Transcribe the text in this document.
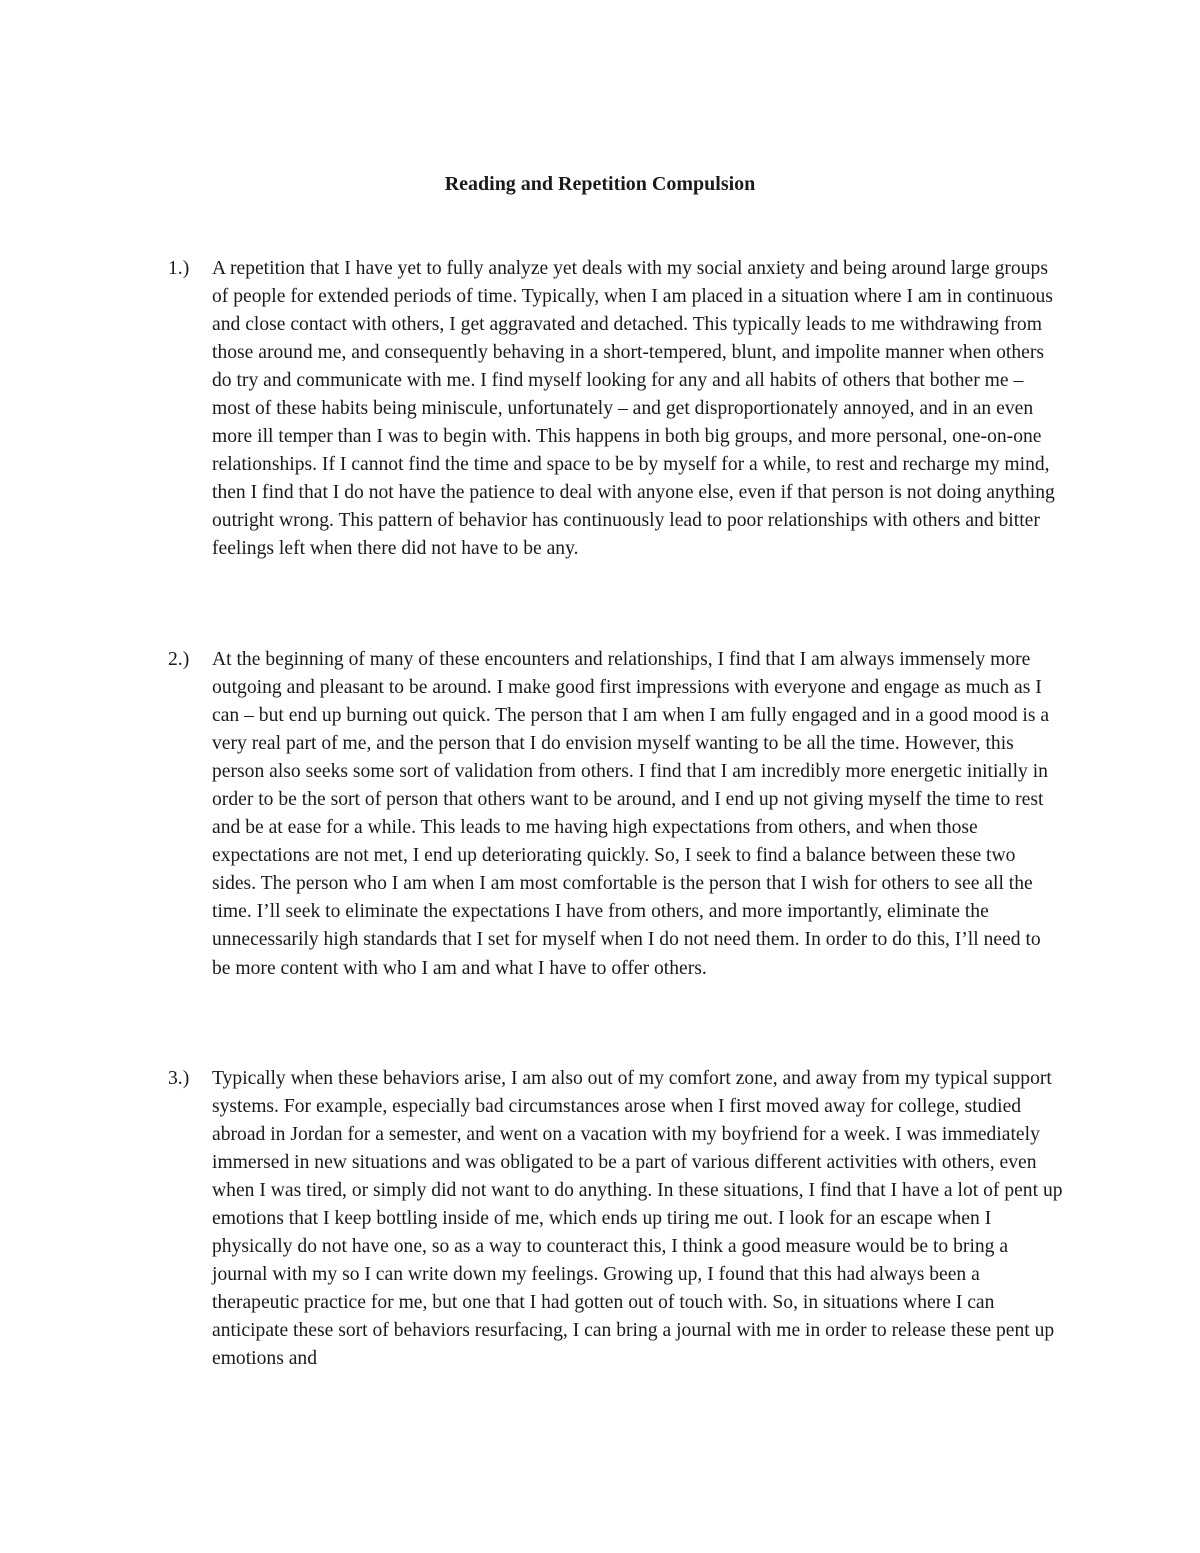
Reading and Repetition Compulsion
1.)	A repetition that I have yet to fully analyze yet deals with my social anxiety and being around large groups of people for extended periods of time. Typically, when I am placed in a situation where I am in continuous and close contact with others, I get aggravated and detached. This typically leads to me withdrawing from those around me, and consequently behaving in a short-tempered, blunt, and impolite manner when others do try and communicate with me. I find myself looking for any and all habits of others that bother me – most of these habits being miniscule, unfortunately – and get disproportionately annoyed, and in an even more ill temper than I was to begin with. This happens in both big groups, and more personal, one-on-one relationships. If I cannot find the time and space to be by myself for a while, to rest and recharge my mind, then I find that I do not have the patience to deal with anyone else, even if that person is not doing anything outright wrong. This pattern of behavior has continuously lead to poor relationships with others and bitter feelings left when there did not have to be any.

2.)	At the beginning of many of these encounters and relationships, I find that I am always immensely more outgoing and pleasant to be around. I make good first impressions with everyone and engage as much as I can – but end up burning out quick. The person that I am when I am fully engaged and in a good mood is a very real part of me, and the person that I do envision myself wanting to be all the time. However, this person also seeks some sort of validation from others. I find that I am incredibly more energetic initially in order to be the sort of person that others want to be around, and I end up not giving myself the time to rest and be at ease for a while. This leads to me having high expectations from others, and when those expectations are not met, I end up deteriorating quickly. So, I seek to find a balance between these two sides. The person who I am when I am most comfortable is the person that I wish for others to see all the time. I’ll seek to eliminate the expectations I have from others, and more importantly, eliminate the unnecessarily high standards that I set for myself when I do not need them. In order to do this, I’ll need to be more content with who I am and what I have to offer others.

3.)	Typically when these behaviors arise, I am also out of my comfort zone, and away from my typical support systems. For example, especially bad circumstances arose when I first moved away for college, studied abroad in Jordan for a semester, and went on a vacation with my boyfriend for a week. I was immediately immersed in new situations and was obligated to be a part of various different activities with others, even when I was tired, or simply did not want to do anything. In these situations, I find that I have a lot of pent up emotions that I keep bottling inside of me, which ends up tiring me out. I look for an escape when I physically do not have one, so as a way to counteract this, I think a good measure would be to bring a journal with my so I can write down my feelings. Growing up, I found that this had always been a therapeutic practice for me, but one that I had gotten out of touch with. So, in situations where I can anticipate these sort of behaviors resurfacing, I can bring a journal with me in order to release these pent up emotions and
